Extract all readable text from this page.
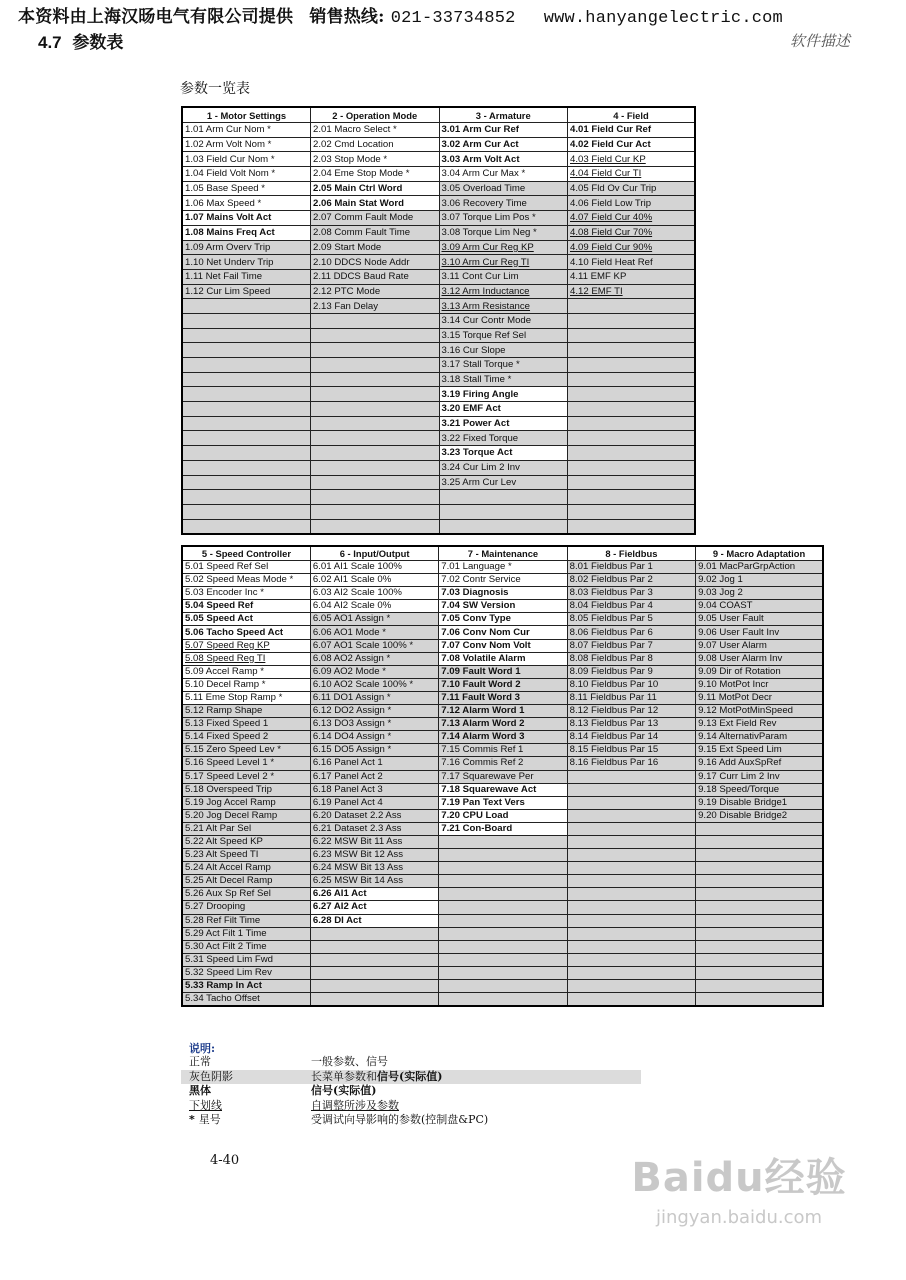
本资料由上海汉旸电气有限公司提供 销售热线: 021-33734852 www.hanyangelectric.com
4.7 参数表	软件描述
参数一览表
1 - Motor Settings	2 - Operation Mode	3 - Armature	4 - Field
1.01 Arm Cur Nom *	2.01 Macro Select *	3.01 Arm Cur Ref	4.01 Field Cur Ref
1.02 Arm Volt Nom *	2.02 Cmd Location	3.02 Arm Cur Act	4.02 Field Cur Act
1.03 Field Cur Nom *	2.03 Stop Mode *	3.03 Arm Volt Act	4.03 Field Cur KP
1.04 Field Volt Nom *	2.04 Eme Stop Mode *	3.04 Arm Cur Max *	4.04 Field Cur TI
1.05 Base Speed *	2.05 Main Ctrl Word	3.05 Overload Time	4.05 Fld Ov Cur Trip
1.06 Max Speed *	2.06 Main Stat Word	3.06 Recovery Time	4.06 Field Low Trip
1.07 Mains Volt Act	2.07 Comm Fault Mode	3.07 Torque Lim Pos *	4.07 Field Cur 40%
1.08 Mains Freq Act	2.08 Comm Fault Time	3.08 Torque Lim Neg *	4.08 Field Cur 70%
1.09 Arm Overv Trip	2.09 Start Mode	3.09 Arm Cur Reg KP	4.09 Field Cur 90%
1.10 Net Underv Trip	2.10 DDCS Node Addr	3.10 Arm Cur Reg TI	4.10 Field Heat Ref
1.11 Net Fail Time	2.11 DDCS Baud Rate	3.11 Cont Cur Lim	4.11 EMF KP
1.12 Cur Lim Speed	2.12 PTC Mode	3.12 Arm Inductance	4.12 EMF TI
	2.13 Fan Delay	3.13 Arm Resistance	
		3.14 Cur Contr Mode	
		3.15 Torque Ref Sel	
		3.16 Cur Slope	
		3.17 Stall Torque *	
		3.18 Stall Time *	
		3.19 Firing Angle	
		3.20 EMF Act	
		3.21 Power Act	
		3.22 Fixed Torque	
		3.23 Torque Act	
		3.24 Cur Lim 2 Inv	
		3.25 Arm Cur Lev	

5 - Speed Controller	6 - Input/Output	7 - Maintenance	8 - Fieldbus	9 - Macro Adaptation
5.01 Speed Ref Sel	6.01 AI1 Scale 100%	7.01 Language *	8.01 Fieldbus Par 1	9.01 MacParGrpAction
5.02 Speed Meas Mode *	6.02 AI1 Scale 0%	7.02 Contr Service	8.02 Fieldbus Par 2	9.02 Jog 1
5.03 Encoder Inc *	6.03 AI2 Scale 100%	7.03 Diagnosis	8.03 Fieldbus Par 3	9.03 Jog 2
5.04 Speed Ref	6.04 AI2 Scale 0%	7.04 SW Version	8.04 Fieldbus Par 4	9.04 COAST
5.05 Speed Act	6.05 AO1 Assign *	7.05 Conv Type	8.05 Fieldbus Par 5	9.05 User Fault
5.06 Tacho Speed Act	6.06 AO1 Mode *	7.06 Conv Nom Cur	8.06 Fieldbus Par 6	9.06 User Fault Inv
5.07 Speed Reg KP	6.07 AO1 Scale 100% *	7.07 Conv Nom Volt	8.07 Fieldbus Par 7	9.07 User Alarm
5.08 Speed Reg TI	6.08 AO2 Assign *	7.08 Volatile Alarm	8.08 Fieldbus Par 8	9.08 User Alarm Inv
5.09 Accel Ramp *	6.09 AO2 Mode *	7.09 Fault Word 1	8.09 Fieldbus Par 9	9.09 Dir of Rotation
5.10 Decel Ramp *	6.10 AO2 Scale 100% *	7.10 Fault Word 2	8.10 Fieldbus Par 10	9.10 MotPot Incr
5.11 Eme Stop Ramp *	6.11 DO1 Assign *	7.11 Fault Word 3	8.11 Fieldbus Par 11	9.11 MotPot Decr
5.12 Ramp Shape	6.12 DO2 Assign *	7.12 Alarm Word 1	8.12 Fieldbus Par 12	9.12 MotPotMinSpeed
5.13 Fixed Speed 1	6.13 DO3 Assign *	7.13 Alarm Word 2	8.13 Fieldbus Par 13	9.13 Ext Field Rev
5.14 Fixed Speed 2	6.14 DO4 Assign *	7.14 Alarm Word 3	8.14 Fieldbus Par 14	9.14 AlternativParam
5.15 Zero Speed Lev *	6.15 DO5 Assign *	7.15 Commis Ref 1	8.15 Fieldbus Par 15	9.15 Ext Speed Lim
5.16 Speed Level 1 *	6.16 Panel Act 1	7.16 Commis Ref 2	8.16 Fieldbus Par 16	9.16 Add AuxSpRef
5.17 Speed Level 2 *	6.17 Panel Act 2	7.17 Squarewave Per		9.17 Curr Lim 2 Inv
5.18 Overspeed Trip	6.18 Panel Act 3	7.18 Squarewave Act		9.18 Speed/Torque
5.19 Jog Accel Ramp	6.19 Panel Act 4	7.19 Pan Text Vers		9.19 Disable Bridge1
5.20 Jog Decel Ramp	6.20 Dataset 2.2 Ass	7.20 CPU Load		9.20 Disable Bridge2
5.21 Alt Par Sel	6.21 Dataset 2.3 Ass	7.21 Con-Board		
5.22 Alt Speed KP	6.22 MSW Bit 11 Ass			
5.23 Alt Speed TI	6.23 MSW Bit 12 Ass			
5.24 Alt Accel Ramp	6.24 MSW Bit 13 Ass			
5.25 Alt Decel Ramp	6.25 MSW Bit 14 Ass			
5.26 Aux Sp Ref Sel	6.26 AI1 Act			
5.27 Drooping	6.27 AI2 Act			
5.28 Ref Filt Time	6.28 DI Act			
5.29 Act Filt 1 Time				
5.30 Act Filt 2 Time				
5.31 Speed Lim Fwd				
5.32 Speed Lim Rev				
5.33 Ramp In Act				
5.34 Tacho Offset				
说明:
正常	一般参数、信号
灰色阴影	长菜单参数和信号(实际值)
黑体	信号(实际值)
下划线	自调整所涉及参数
* 星号	受调试向导影响的参数(控制盘&PC)
4-40	Baidu经验
jingyan.baidu.com
